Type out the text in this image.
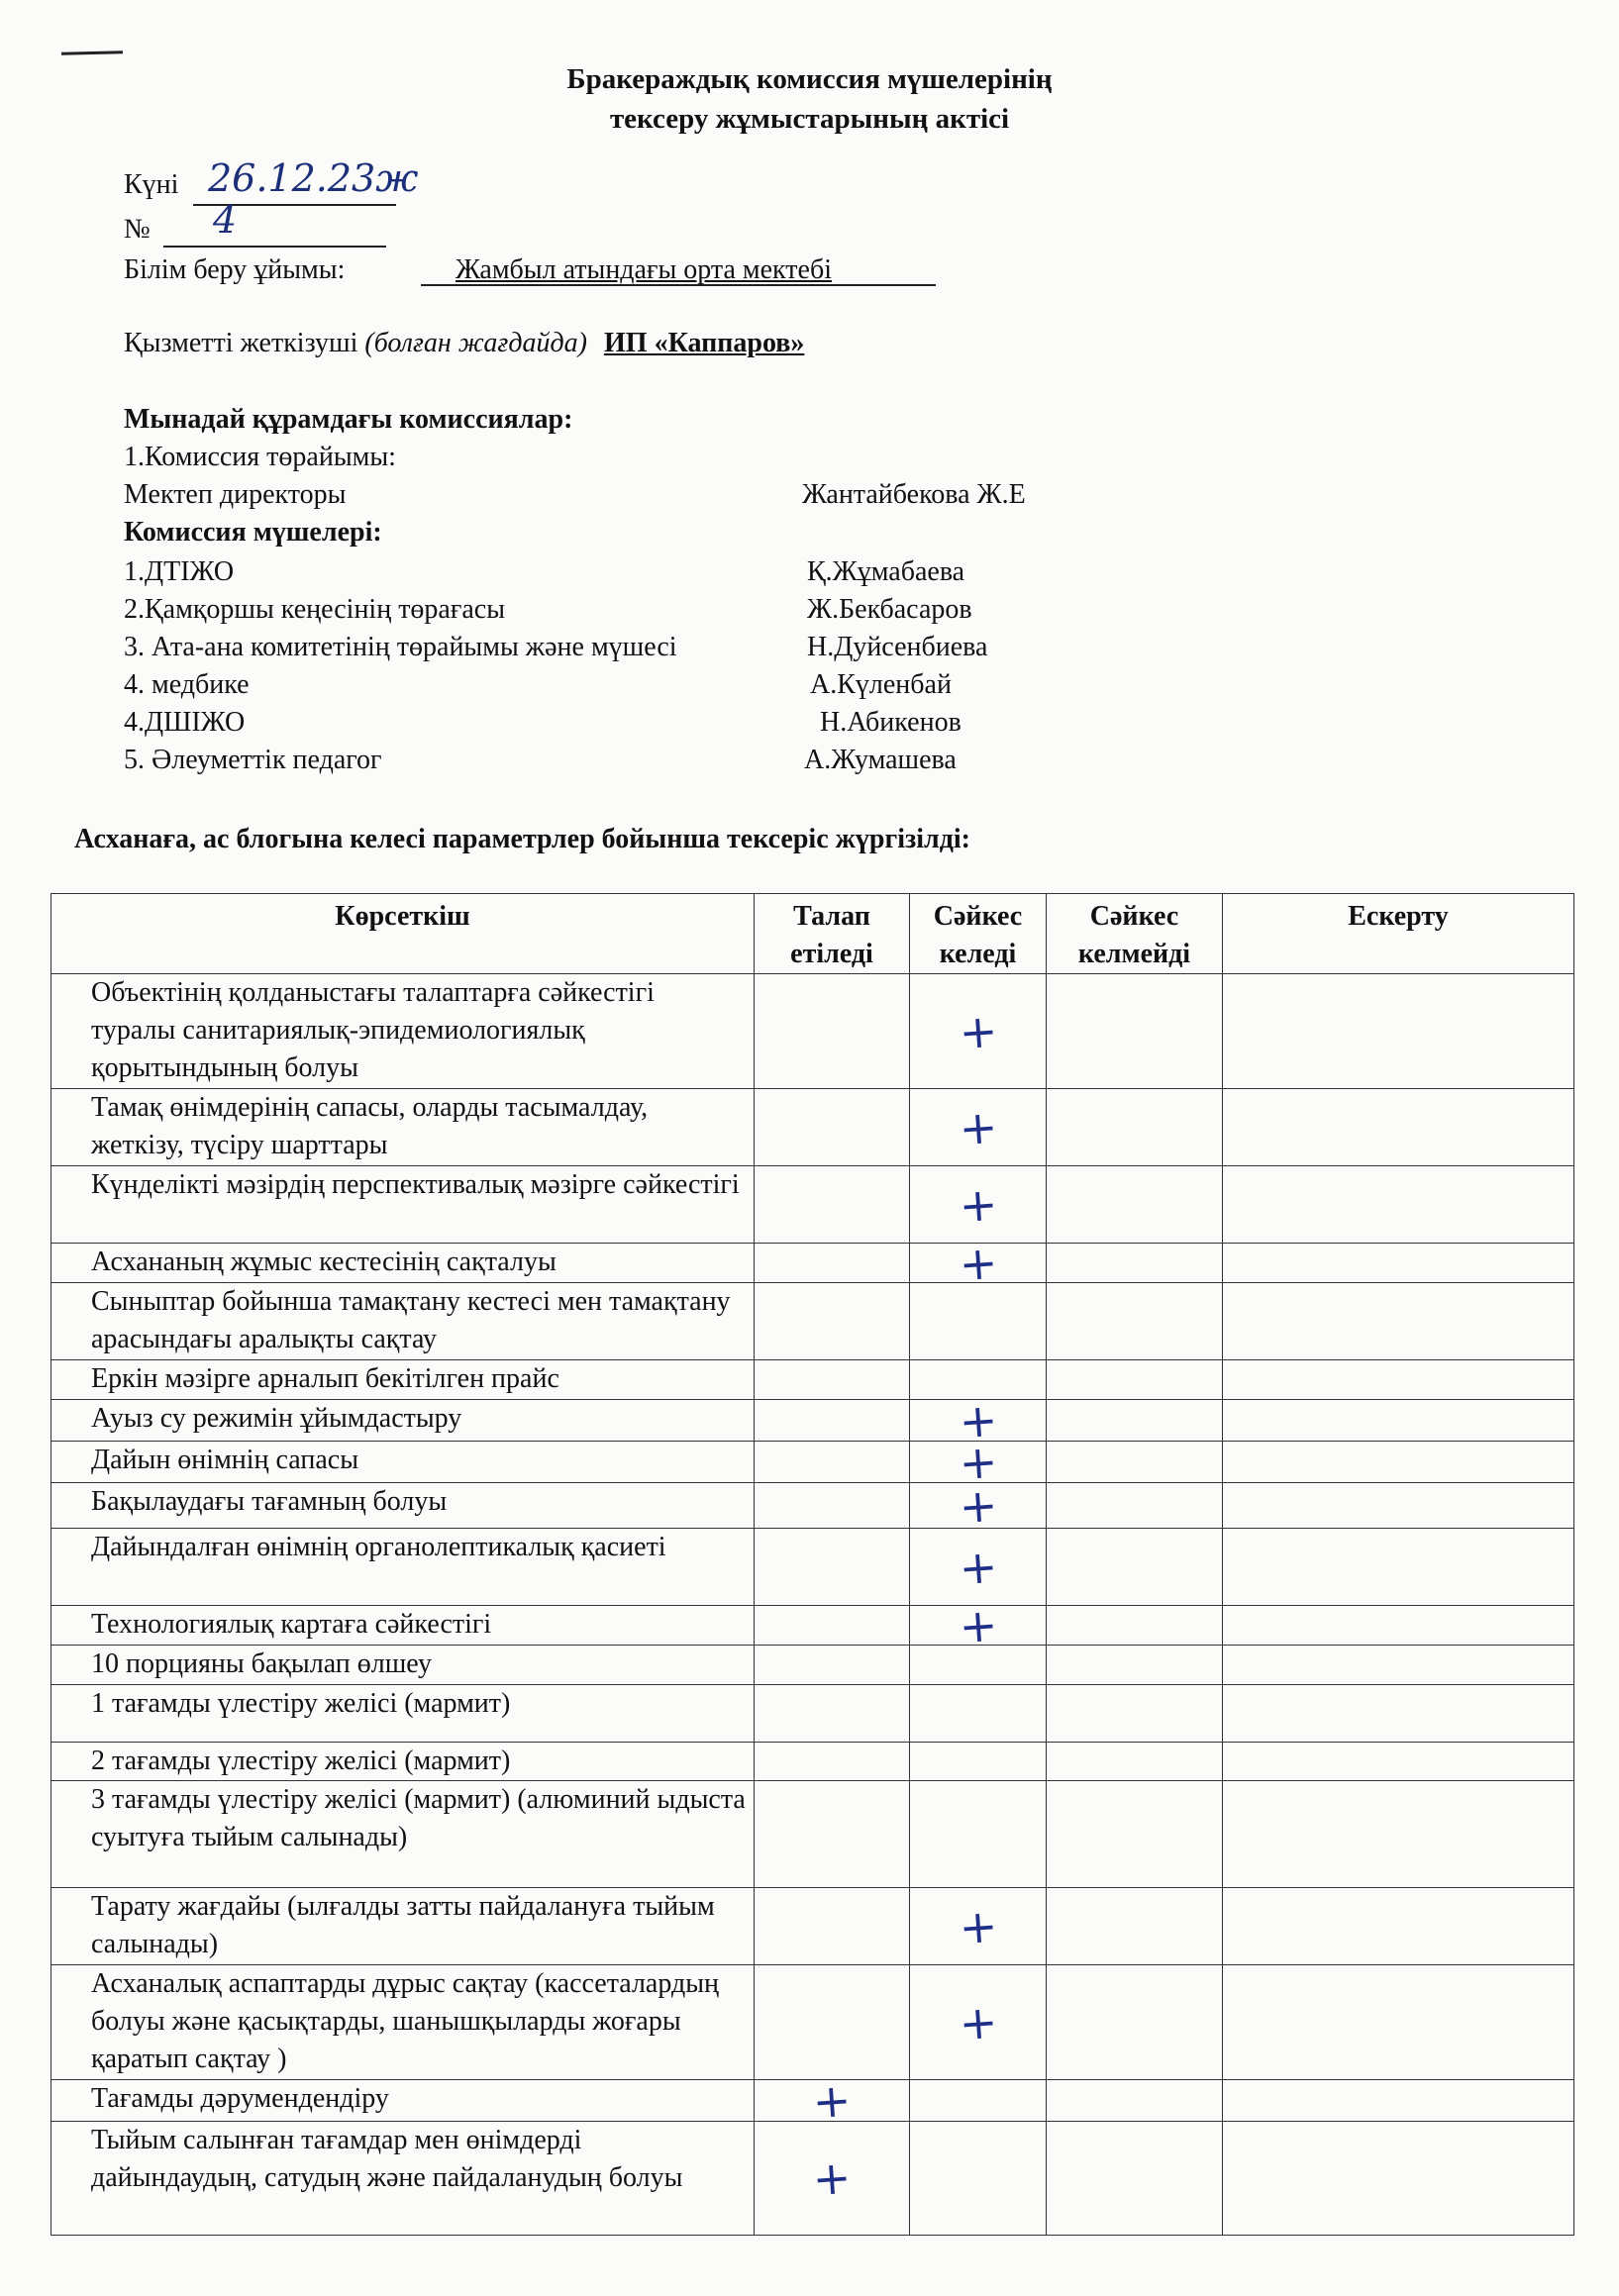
Бракераждық комиссия мүшелерінің
тексеру жұмыстарының актісі
Күні 26.12.23ж
№ 4
Білім беру ұйымы:	Жамбыл атындағы орта мектебі
Қызметті жеткізуші (болған жағдайда) ИП «Каппаров»
Мынадай құрамдағы комиссиялар:
1.Комиссия төрайымы:
Мектеп директоры	Жантайбекова Ж.Е
Комиссия мүшелері:
1.ДТІЖО	Қ.Жұмабаева
2.Қамқоршы кеңесінің төрағасы	Ж.Бекбасаров
3. Ата-ана комитетінің төрайымы және мүшесі	Н.Дуйсенбиева
4. медбике	А.Күленбай
4.ДШІЖО	Н.Абикенов
5. Әлеуметтік педагог	А.Жумашева
Асханаға, ас блогына келесі параметрлер бойынша тексеріс жүргізілді:
Көрсеткіш	Талап етіледі	Сәйкес келеді	Сәйкес келмейді	Ескерту
Объектінің қолданыстағы талаптарға сәйкестігі туралы санитариялық-эпидемиологиялық қорытындының болуы		+		

Тамақ өнімдерінің сапасы, оларды тасымалдау, жеткізу, түсіру шарттары		+		

Күнделікті мәзірдің перспективалық мәзірге сәйкестігі		+		

Асхананың жұмыс кестесінің сақталуы		+		

Сыныптар бойынша тамақтану кестесі мен тамақтану арасындағы аралықты сақтау				
Еркін мәзірге арналып бекітілген прайс				
Ауыз су режимін ұйымдастыру		+		

Дайын өнімнің сапасы		+		

Бақылаудағы тағамның болуы		+		

Дайындалған өнімнің органолептикалық қасиеті		+		

Технологиялық картаға сәйкестігі		+		

10 порцияны бақылап өлшеу				
1 тағамды үлестіру желісі (мармит)				
2 тағамды үлестіру желісі (мармит)				
3 тағамды үлестіру желісі (мармит) (алюминий ыдыста суытуға тыйым салынады)				
Тарату жағдайы (ылғалды затты пайдалануға тыйым салынады)		+		

Асханалық аспаптарды дұрыс сақтау (кассеталардың болуы және қасықтарды, шанышқыларды жоғары қаратып сақтау )		+		

Тағамды дәрумендендіру	+			

Тыйым салынған тағамдар мен өнімдерді дайындаудың, сатудың және пайдаланудың болуы	+			
